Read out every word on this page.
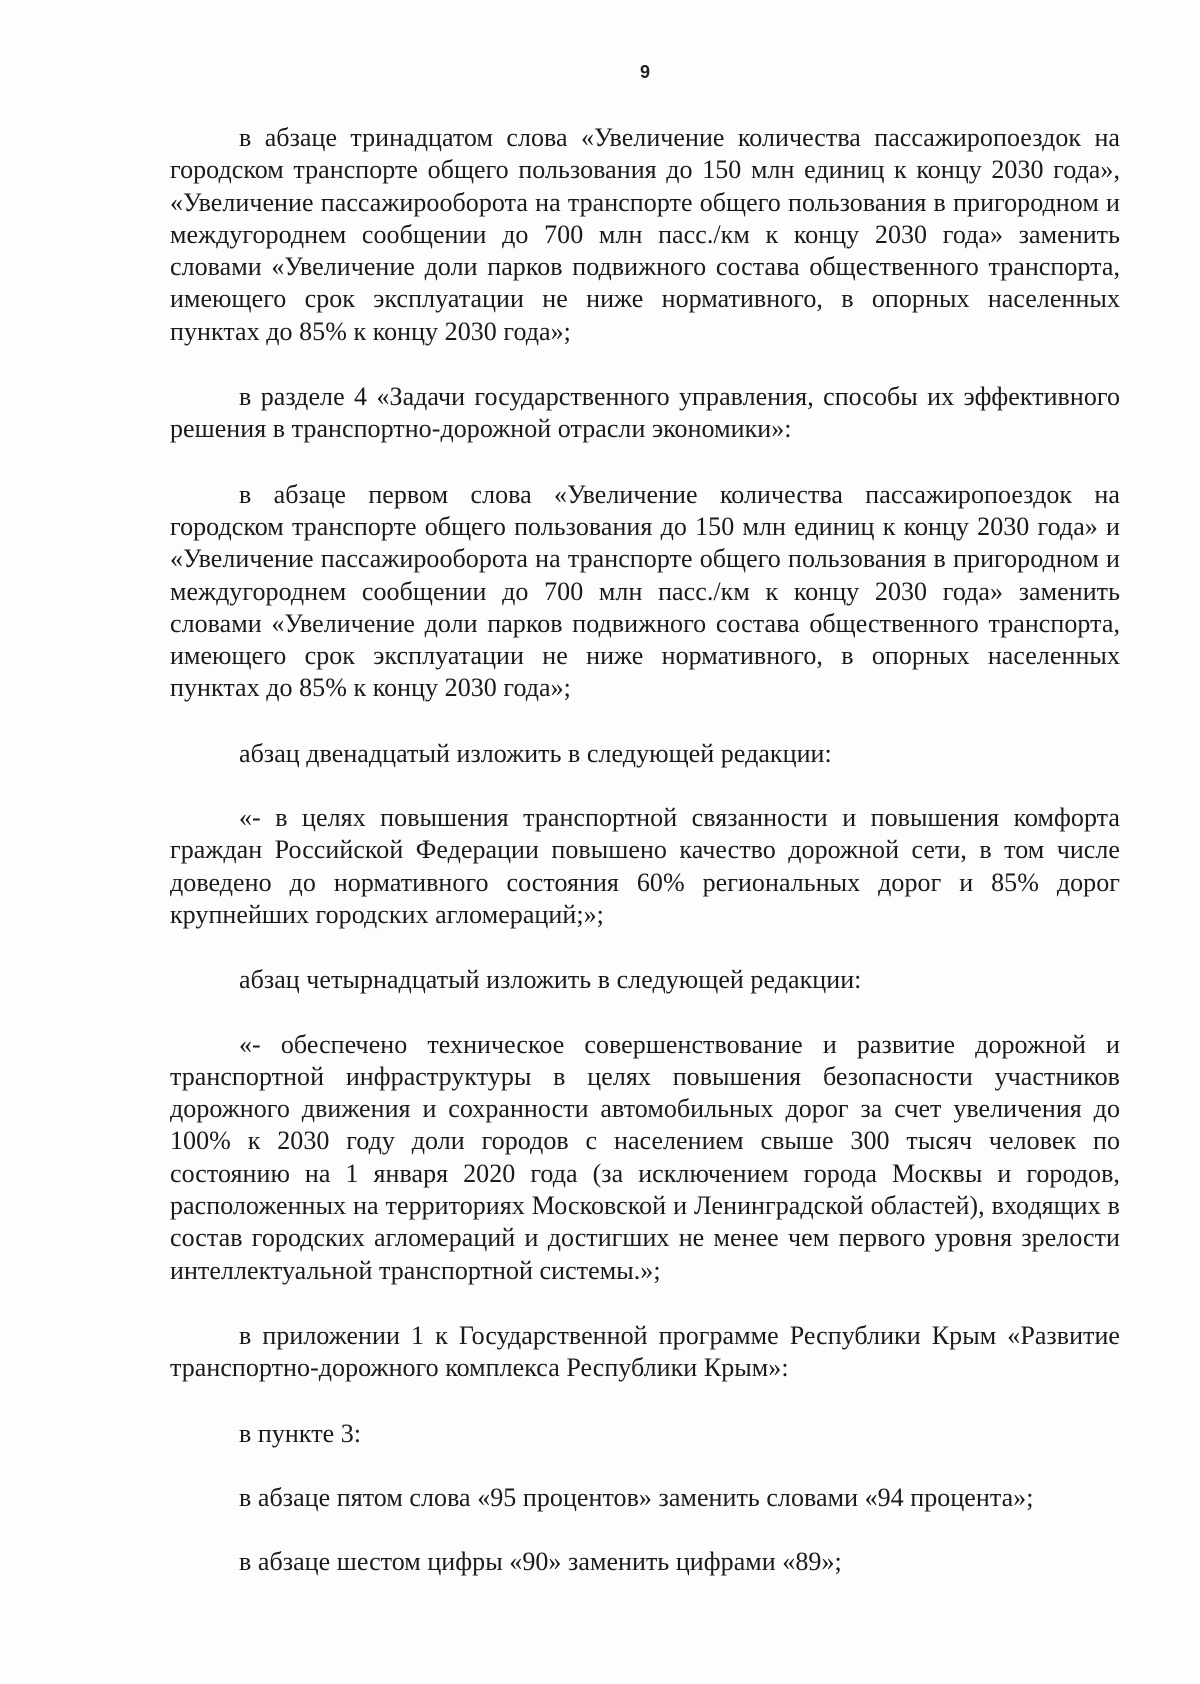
9

в абзаце тринадцатом слова «Увеличение количества пассажиропоездок на городском транспорте общего пользования до 150 млн единиц к концу 2030 года», «Увеличение пассажирооборота на транспорте общего пользования в пригородном и междугороднем сообщении до 700 млн пасс./км к концу 2030 года» заменить словами «Увеличение доли парков подвижного состава общественного транспорта, имеющего срок эксплуатации не ниже нормативного, в опорных населенных пунктах до 85% к концу 2030 года»;

в разделе 4 «Задачи государственного управления, способы их эффективного решения в транспортно-дорожной отрасли экономики»:

в абзаце первом слова «Увеличение количества пассажиропоездок на городском транспорте общего пользования до 150 млн единиц к концу 2030 года» и «Увеличение пассажирооборота на транспорте общего пользования в пригородном и междугороднем сообщении до 700 млн пасс./км к концу 2030 года» заменить словами «Увеличение доли парков подвижного состава общественного транспорта, имеющего срок эксплуатации не ниже нормативного, в опорных населенных пунктах до 85% к концу 2030 года»;

абзац двенадцатый изложить в следующей редакции:

«- в целях повышения транспортной связанности и повышения комфорта граждан Российской Федерации повышено качество дорожной сети, в том числе доведено до нормативного состояния 60% региональных дорог и 85% дорог крупнейших городских агломераций;»;

абзац четырнадцатый изложить в следующей редакции:

«- обеспечено техническое совершенствование и развитие дорожной и транспортной инфраструктуры в целях повышения безопасности участников дорожного движения и сохранности автомобильных дорог за счет увеличения до 100% к 2030 году доли городов с населением свыше 300 тысяч человек по состоянию на 1 января 2020 года (за исключением города Москвы и городов, расположенных на территориях Московской и Ленинградской областей), входящих в состав городских агломераций и достигших не менее чем первого уровня зрелости интеллектуальной транспортной системы.»;

в приложении 1 к Государственной программе Республики Крым «Развитие транспортно-дорожного комплекса Республики Крым»:

в пункте 3:

в абзаце пятом слова «95 процентов» заменить словами «94 процента»;

в абзаце шестом цифры «90» заменить цифрами «89»;
